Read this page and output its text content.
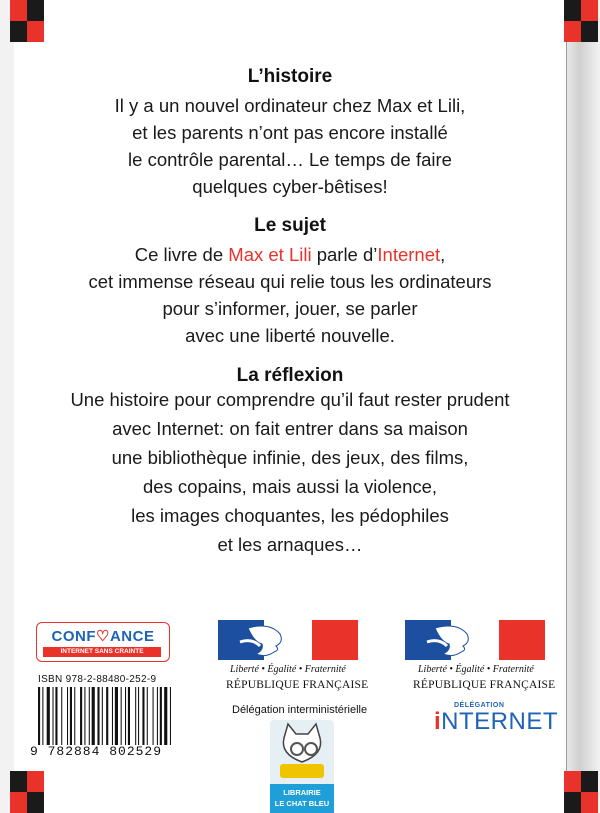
L’histoire
Il y a un nouvel ordinateur chez Max et Lili,
et les parents n’ont pas encore installé
le contrôle parental… Le temps de faire
quelques cyber-bêtises!
Le sujet
Ce livre de Max et Lili parle d’Internet,
cet immense réseau qui relie tous les ordinateurs
pour s’informer, jouer, se parler
avec une liberté nouvelle.
La réflexion
Une histoire pour comprendre qu’il faut rester prudent
avec Internet: on fait entrer dans sa maison
une bibliothèque infinie, des jeux, des films,
des copains, mais aussi la violence,
les images choquantes, les pédophiles
et les arnaques…
CONF♡ANCE
INTERNET SANS CRAINTE
ISBN 978-2-88480-252-9
9 782884 802529
Liberté • Égalité • Fraternité
RÉPUBLIQUE FRANÇAISE
Délégation interministérielle
Liberté • Égalité • Fraternité
RÉPUBLIQUE FRANÇAISE
DÉLÉGATION
iNTERNET
LIBRAIRIE
LE CHAT BLEU
